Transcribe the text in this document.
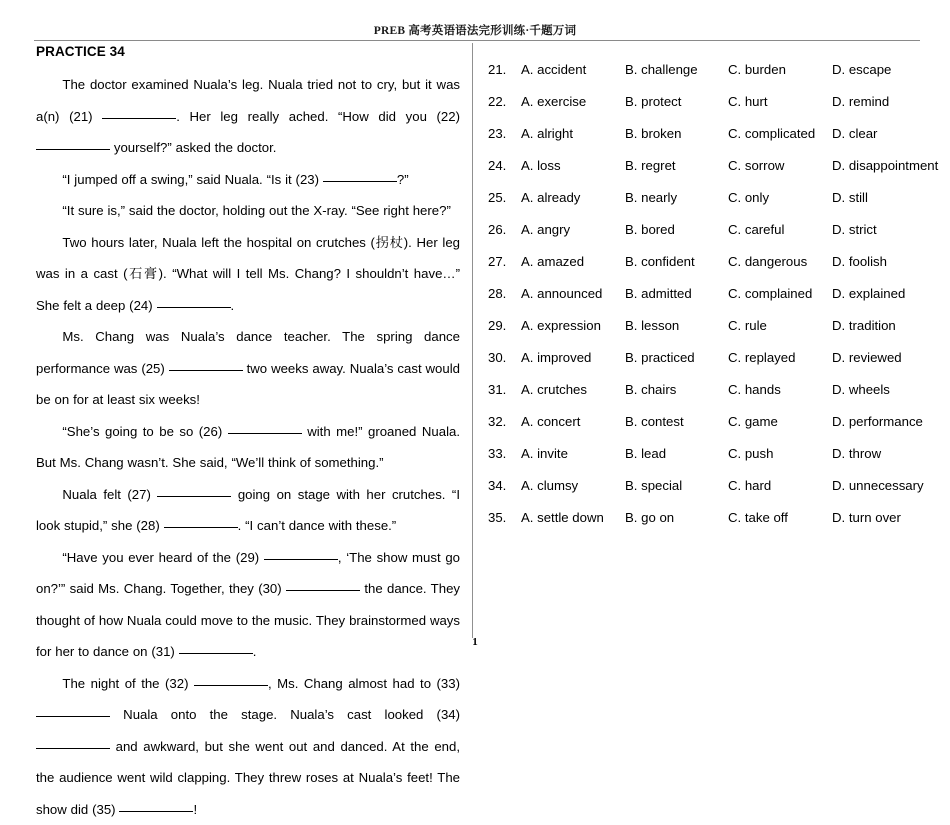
PREB 高考英语语法完形训练·千题万词
PRACTICE 34

The doctor examined Nuala’s leg. Nuala tried not to cry, but it was a(n) (21)	. Her leg really ached. “How did you (22)  yourself?” asked the doctor.

“I jumped off a swing,” said Nuala. “Is it (23)	?”

“It sure is,” said the doctor, holding out the X-ray. “See right here?”

Two hours later, Nuala left the hospital on crutches (拐杖). Her leg was in a cast (石膏). “What will I tell Ms. Chang? I shouldn’t have…” She felt a deep (24)	.

Ms. Chang was Nuala’s dance teacher. The spring dance performance was (25)	two weeks away. Nuala’s cast would be on for at least six weeks!

“She’s going to be so (26)	with me!” groaned Nuala. But Ms. Chang wasn’t. She said, “We’ll think of something.”

Nuala felt (27)	going on stage with her crutches. “I look stupid,” she (28)	. “I can’t dance with these.”

“Have you ever heard of the (29)	, ‘The show must go on?’” said Ms. Chang. Together, they (30)	the dance. They thought of how Nuala could move to the music. They brainstormed ways for her to dance on (31)	.

The night of the (32)	, Ms. Chang almost had to (33)  Nuala onto the stage. Nuala’s cast looked (34)  and awkward, but she went out and danced. At the end, the audience went wild clapping. They threw roses at Nuala’s feet! The show did (35)	!

21.	A. accident	B. challenge	C. burden	D. escape
22.	A. exercise	B. protect	C. hurt	D. remind
23.	A. alright	B. broken	C. complicated	D. clear
24.	A. loss	B. regret	C. sorrow	D. disappointment
25.	A. already	B. nearly	C. only	D. still
26.	A. angry	B. bored	C. careful	D. strict
27.	A. amazed	B. confident	C. dangerous	D. foolish
28.	A. announced	B. admitted	C. complained	D. explained
29.	A. expression	B. lesson	C. rule	D. tradition
30.	A. improved	B. practiced	C. replayed	D. reviewed
31.	A. crutches	B. chairs	C. hands	D. wheels
32.	A. concert	B. contest	C. game	D. performance
33.	A. invite	B. lead	C. push	D. throw
34.	A. clumsy	B. special	C. hard	D. unnecessary
35.	A. settle down	B. go on	C. take off	D. turn over
1
